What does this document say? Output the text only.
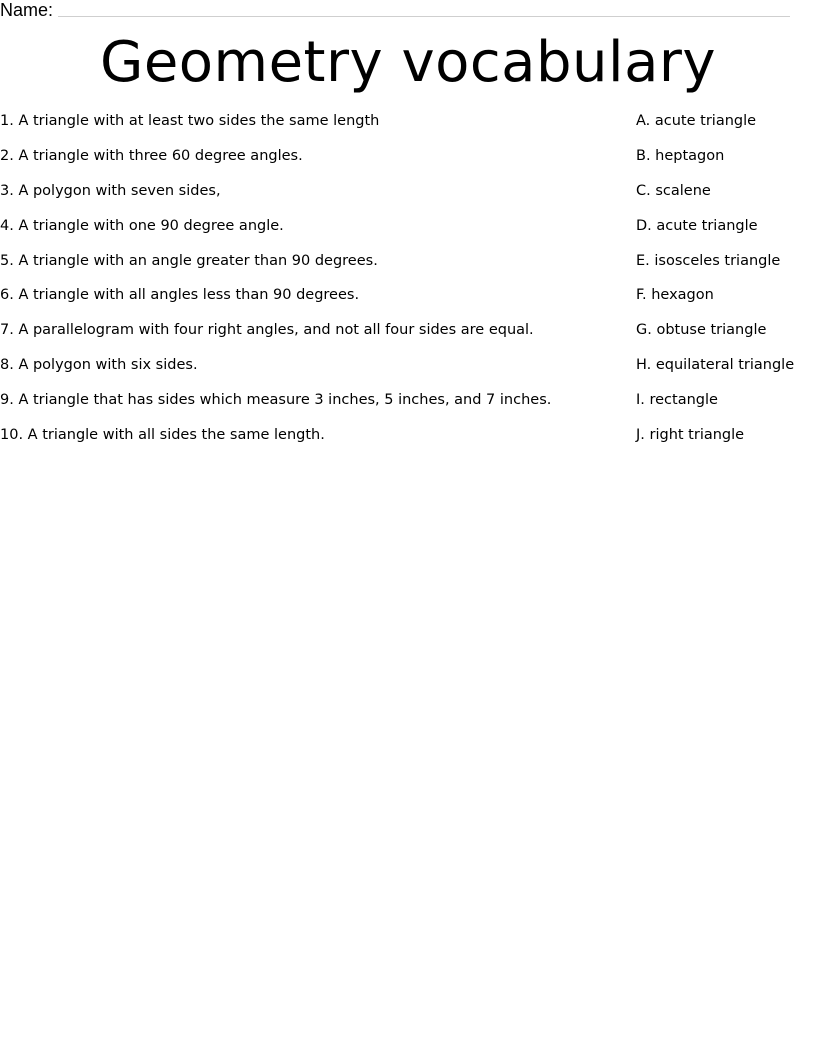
Name:
Geometry vocabulary
1. A triangle with at least two sides the same length
2. A triangle with three 60 degree angles.
3. A polygon with seven sides,
4. A triangle with one 90 degree angle.
5. A triangle with an angle greater than 90 degrees.
6. A triangle with all angles less than 90 degrees.
7. A parallelogram with four right angles, and not all four sides are equal.
8. A polygon with six sides.
9. A triangle that has sides which measure 3 inches, 5 inches, and 7 inches.
10. A triangle with all sides the same length.
A. acute triangle
B. heptagon
C. scalene
D. acute triangle
E. isosceles triangle
F. hexagon
G. obtuse triangle
H. equilateral triangle
I. rectangle
J. right triangle
